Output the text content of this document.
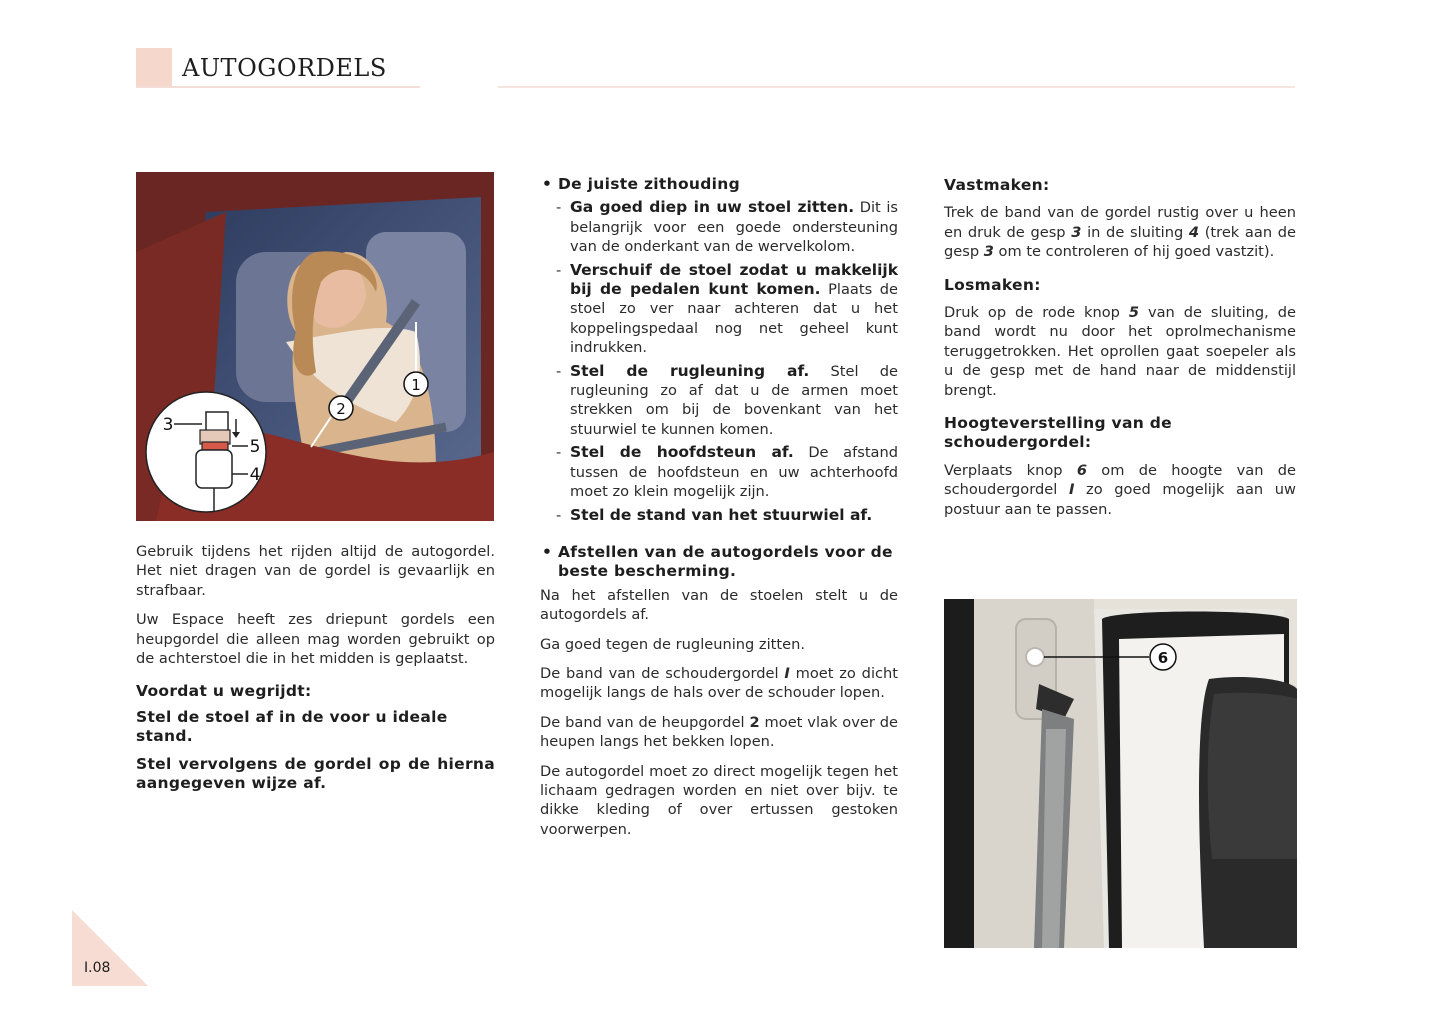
AUTOGORDELS
1
2
3
5
4

Gebruik tijdens het rijden altijd de autogordel. Het niet dragen van de gordel is gevaarlijk en strafbaar.

Uw Espace heeft zes driepunt gordels een heupgordel die alleen mag worden gebruikt op de achterstoel die in het midden is geplaatst.

Voordat u wegrijdt:
Stel de stoel af in de voor u ideale stand.
Stel vervolgens de gordel op de hierna aangegeven wijze af.
• De juiste zithouding
- Ga goed diep in uw stoel zitten. Dit is belangrijk voor een goede ondersteuning van de onderkant van de wervelkolom.
- Verschuif de stoel zodat u makkelijk bij de pedalen kunt komen. Plaats de stoel zo ver naar achteren dat u het koppelingspedaal nog net geheel kunt indrukken.
- Stel de rugleuning af. Stel de rugleuning zo af dat u de armen moet strekken om bij de bovenkant van het stuurwiel te kunnen komen.
- Stel de hoofdsteun af. De afstand tussen de hoofdsteun en uw achterhoofd moet zo klein mogelijk zijn.
- Stel de stand van het stuurwiel af.
• Afstellen van de autogordels voor de beste bescherming.

Na het afstellen van de stoelen stelt u de autogordels af.

Ga goed tegen de rugleuning zitten.

De band van de schoudergordel I moet zo dicht mogelijk langs de hals over de schouder lopen.

De band van de heupgordel 2 moet vlak over de heupen langs het bekken lopen.

De autogordel moet zo direct mogelijk tegen het lichaam gedragen worden en niet over bijv. te dikke kleding of over ertussen gestoken voorwerpen.

Vastmaken:

Trek de band van de gordel rustig over u heen en druk de gesp 3 in de sluiting 4 (trek aan de gesp 3 om te controleren of hij goed vastzit).

Losmaken:

Druk op de rode knop 5 van de sluiting, de band wordt nu door het oprolmechanisme teruggetrokken. Het oprollen gaat soepeler als u de gesp met de hand naar de middenstijl brengt.

Hoogteverstelling van de schoudergordel:

Verplaats knop 6 om de hoogte van de schoudergordel I zo goed mogelijk aan uw postuur aan te passen.

6
I.08
